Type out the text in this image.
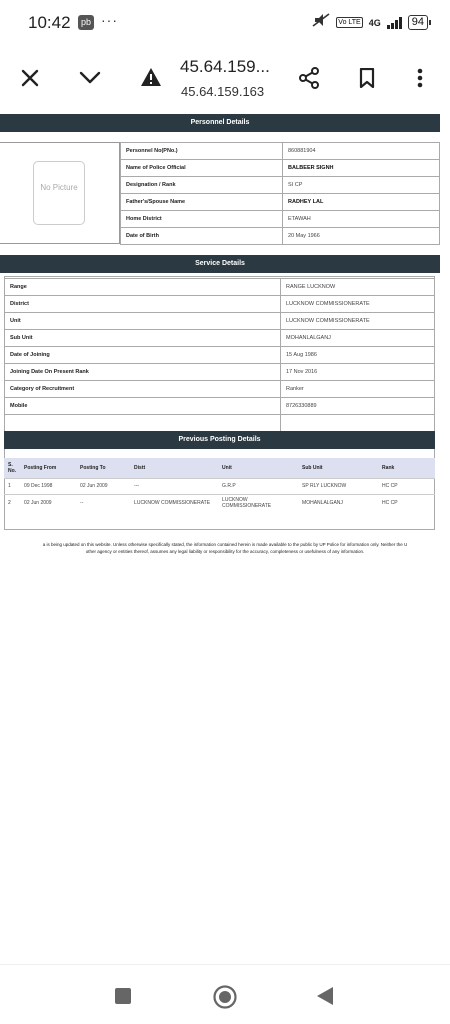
10:42	pb ···	Vo LTE 4G	94
45.64.159...
45.64.159.163
Personnel Details
No Picture
Personnel No(PNo.)	860881904
Name of Police Official	BALBEER SIGNH
Designation / Rank	SI CP
Father's/Spouse Name	RADHEY LAL
Home District	ETAWAH
Date of Birth	20 May 1966
Service Details
Range	RANGE LUCKNOW
District	LUCKNOW COMMISSIONERATE
Unit	LUCKNOW COMMISSIONERATE
Sub Unit	MOHANLALGANJ
Date of Joining	15 Aug 1986
Joining Date On Present Rank	17 Nov 2016
Category of Recruitment	Ranker
Mobile	8726330889

Previous Posting Details
S. No.	Posting From	Posting To	Distt	Unit	Sub Unit	Rank
1	09 Dec 1998	02 Jun 2009	---	G.R.P	SP RLY LUCKNOW	HC CP
2	02 Jun 2009	--	LUCKNOW COMMISSIONERATE	LUCKNOW COMMISSIONERATE	MOHANLALGANJ	HC CP
a is being updated on this website. Unless otherwise specifically stated, the information contained herein is made available to the public by UP Police for information only. Neither the U
other agency or entities thereof, assumes any legal liability or responsibility for the accuracy, completeness or usefulness of any information.
